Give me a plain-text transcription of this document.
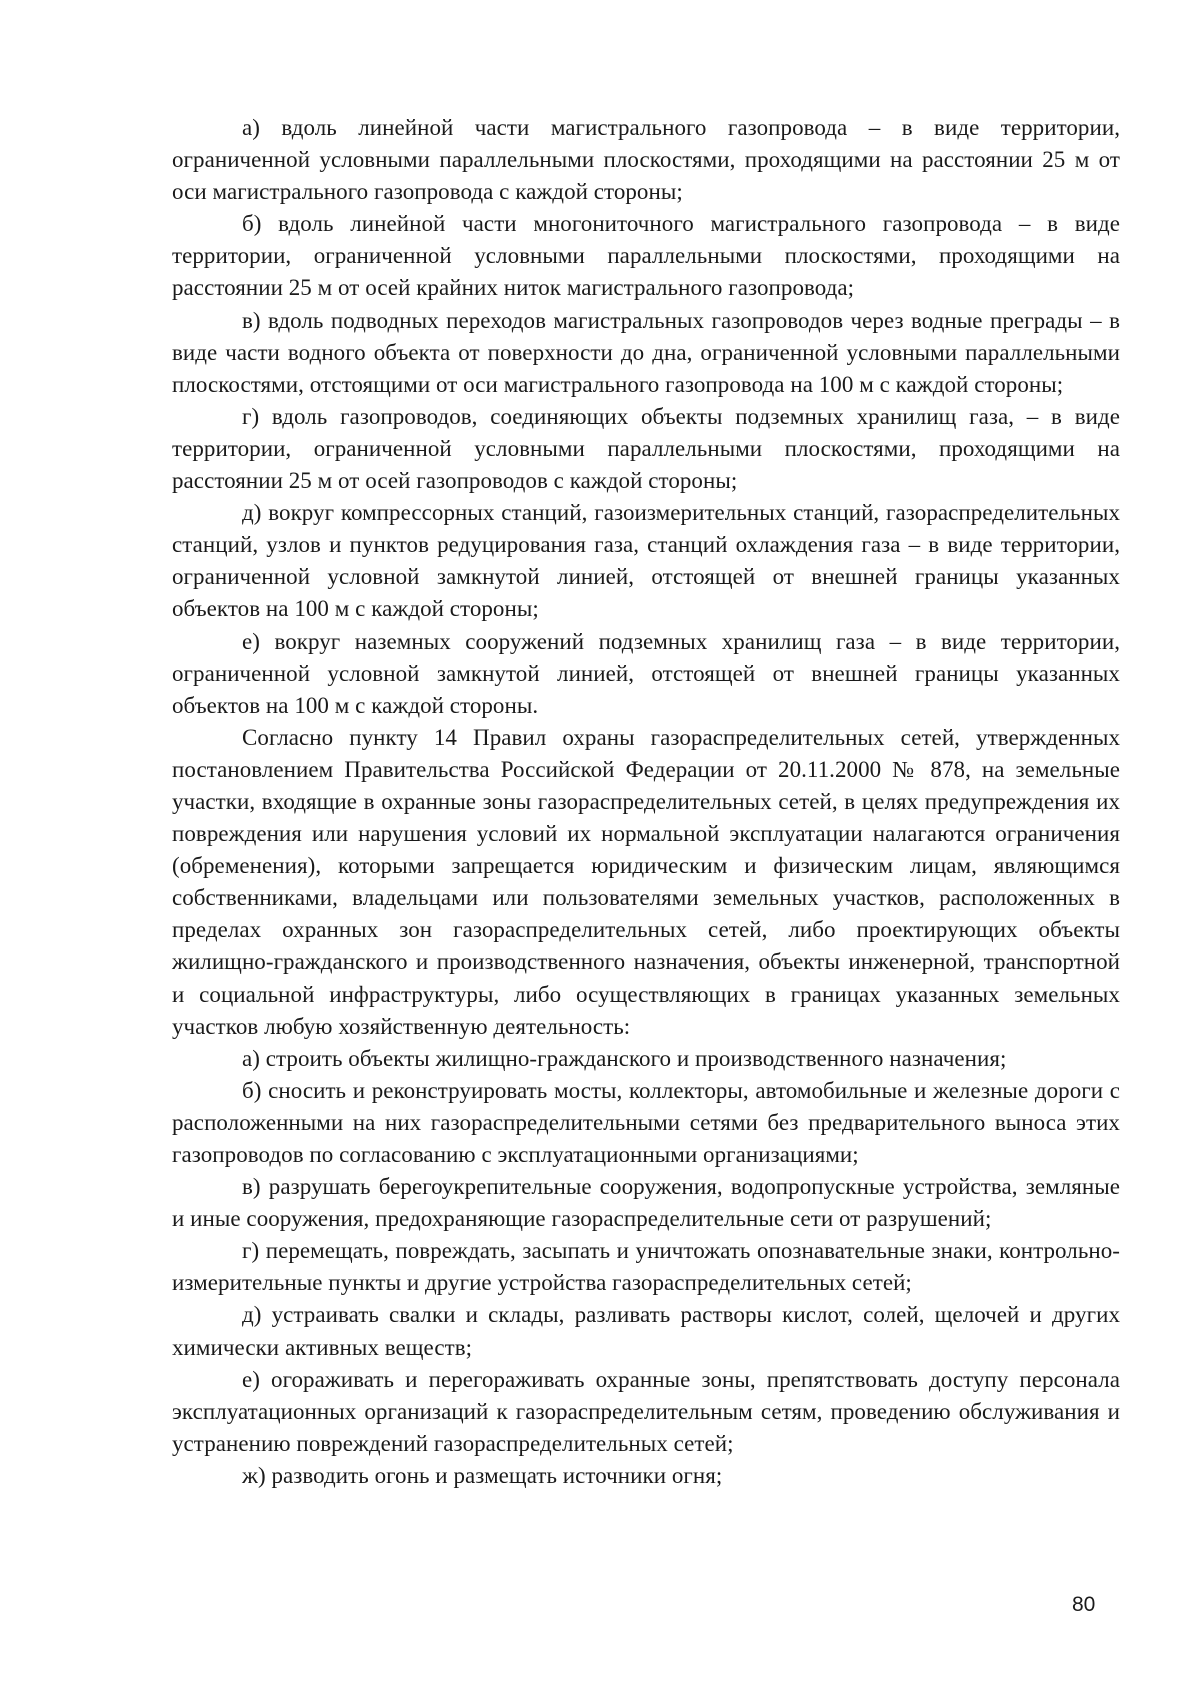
а) вдоль линейной части магистрального газопровода – в виде территории, ограниченной условными параллельными плоскостями, проходящими на расстоянии 25 м от оси магистрального газопровода с каждой стороны;

б) вдоль линейной части многониточного магистрального газопровода – в виде территории, ограниченной условными параллельными плоскостями, проходящими на расстоянии 25 м от осей крайних ниток магистрального газопровода;

в) вдоль подводных переходов магистральных газопроводов через водные преграды – в виде части водного объекта от поверхности до дна, ограниченной условными параллельными плоскостями, отстоящими от оси магистрального газопровода на 100 м с каждой стороны;

г) вдоль газопроводов, соединяющих объекты подземных хранилищ газа, – в виде территории, ограниченной условными параллельными плоскостями, проходящими на расстоянии 25 м от осей газопроводов с каждой стороны;

д) вокруг компрессорных станций, газоизмерительных станций, газораспределительных станций, узлов и пунктов редуцирования газа, станций охлаждения газа – в виде территории, ограниченной условной замкнутой линией, отстоящей от внешней границы указанных объектов на 100 м с каждой стороны;

е) вокруг наземных сооружений подземных хранилищ газа – в виде территории, ограниченной условной замкнутой линией, отстоящей от внешней границы указанных объектов на 100 м с каждой стороны.

Согласно пункту 14 Правил охраны газораспределительных сетей, утвержденных постановлением Правительства Российской Федерации от 20.11.2000 № 878, на земельные участки, входящие в охранные зоны газораспределительных сетей, в целях предупреждения их повреждения или нарушения условий их нормальной эксплуатации налагаются ограничения (обременения), которыми запрещается юридическим и физическим лицам, являющимся собственниками, владельцами или пользователями земельных участков, расположенных в пределах охранных зон газораспределительных сетей, либо проектирующих объекты жилищно-гражданского и производственного назначения, объекты инженерной, транспортной и социальной инфраструктуры, либо осуществляющих в границах указанных земельных участков любую хозяйственную деятельность:

а) строить объекты жилищно-гражданского и производственного назначения;

б) сносить и реконструировать мосты, коллекторы, автомобильные и железные дороги с расположенными на них газораспределительными сетями без предварительного выноса этих газопроводов по согласованию с эксплуатационными организациями;

в) разрушать берегоукрепительные сооружения, водопропускные устройства, земляные и иные сооружения, предохраняющие газораспределительные сети от разрушений;

г) перемещать, повреждать, засыпать и уничтожать опознавательные знаки, контрольно-измерительные пункты и другие устройства газораспределительных сетей;

д) устраивать свалки и склады, разливать растворы кислот, солей, щелочей и других химически активных веществ;

е) огораживать и перегораживать охранные зоны, препятствовать доступу персонала эксплуатационных организаций к газораспределительным сетям, проведению обслуживания и устранению повреждений газораспределительных сетей;

ж) разводить огонь и размещать источники огня;

80
